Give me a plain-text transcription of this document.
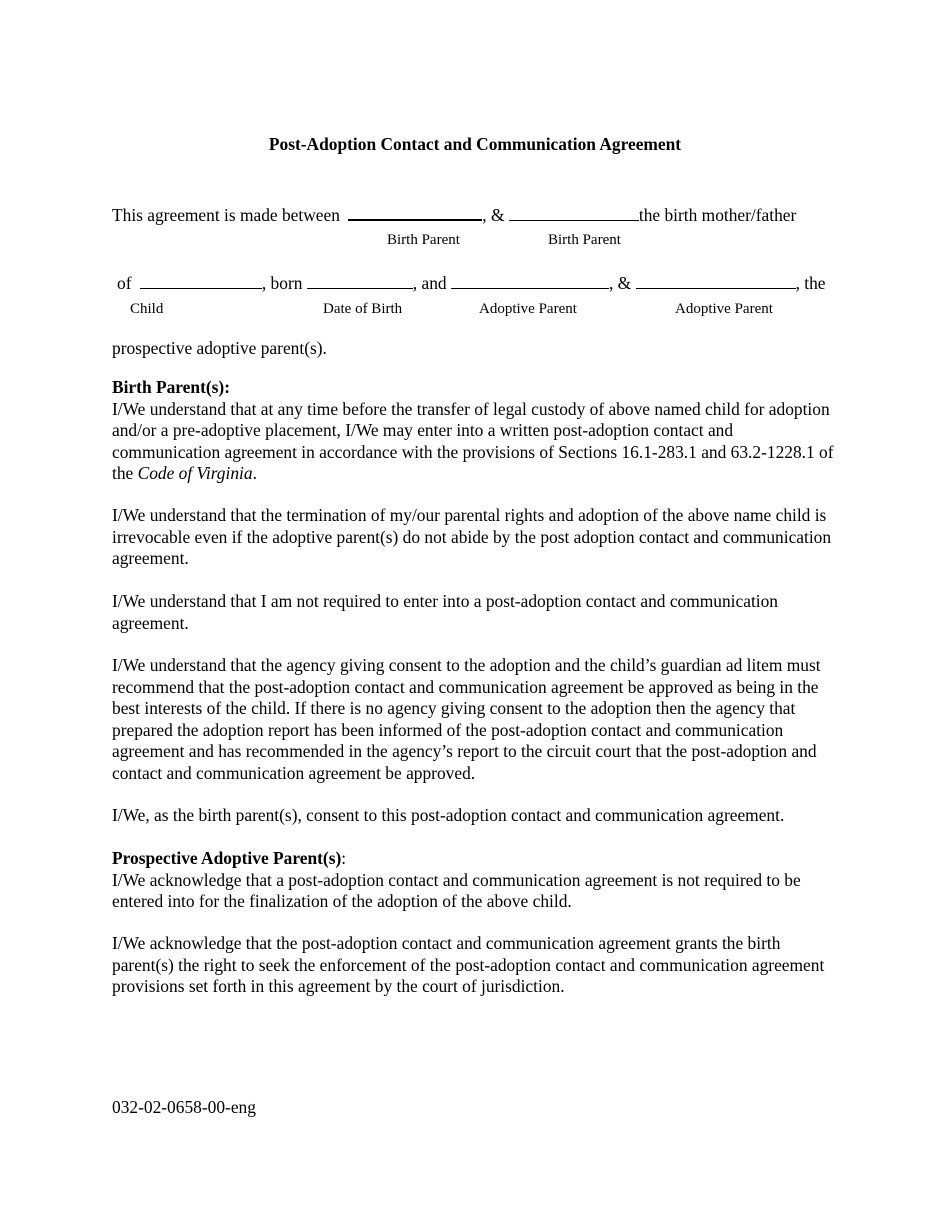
Post-Adoption Contact and Communication Agreement
This agreement is made between	, &	the birth mother/father
Birth Parent	Birth Parent
of	, born	, and	, &	, the
Child	Date of Birth	Adoptive Parent	Adoptive Parent
prospective adoptive parent(s).

Birth Parent(s):

I/We understand that at any time before the transfer of legal custody of above named child for adoption and/or a pre-adoptive placement, I/We may enter into a written post-adoption contact and communication agreement in accordance with the provisions of Sections 16.1-283.1 and 63.2-1228.1 of the Code of Virginia.

I/We understand that the termination of my/our parental rights and adoption of the above name child is irrevocable even if the adoptive parent(s) do not abide by the post adoption contact and communication agreement.
I/We understand that I am not required to enter into a post-adoption contact and communication agreement.
I/We understand that the agency giving consent to the adoption and the child’s guardian ad litem must recommend that the post-adoption contact and communication agreement be approved as being in the best interests of the child. If there is no agency giving consent to the adoption then the agency that prepared the adoption report has been informed of the post-adoption contact and communication agreement and has recommended in the agency’s report to the circuit court that the post-adoption and contact and communication agreement be approved.
I/We, as the birth parent(s), consent to this post-adoption contact and communication agreement.

Prospective Adoptive Parent(s):

I/We acknowledge that a post-adoption contact and communication agreement is not required to be entered into for the finalization of the adoption of the above child.

I/We acknowledge that the post-adoption contact and communication agreement grants the birth parent(s) the right to seek the enforcement of the post-adoption contact and communication agreement provisions set forth in this agreement by the court of jurisdiction.
032-02-0658-00-eng
